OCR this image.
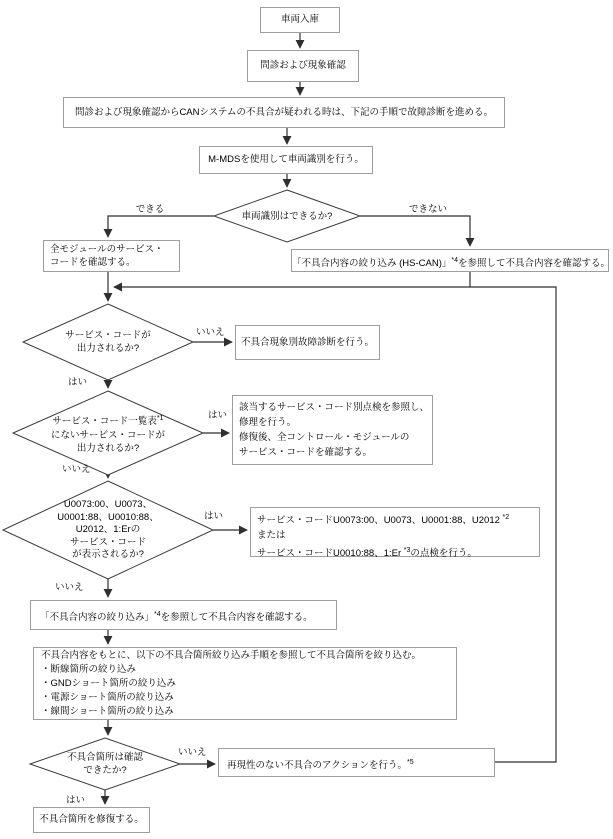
車両入庫
問診および現象確認
問診および現象確認からCANシステムの不具合が疑われる時は、下記の手順で故障診断を進める。
M-MDSを使用して車両識別を行う。
車両識別はできるか?
できる	できない
全モジュールのサービス・
コードを確認する。	「不具合内容の絞り込み (HS-CAN)」$^{*4}$を参照して不具合内容を確認する。
サービス・コードが
出力されるか?
いいえ
はい
不具合現象別故障診断を行う。
サービス・コード一覧表$^{*1}$
にないサービス・コードが
出力されるか?
はい
いいえ
該当するサービス・コード別点検を参照し、
修理を行う。
修復後、全コントロール・モジュールの
サービス・コードを確認する。
U0073:00、U0073、
U0001:88、U0010:88、
U2012、1:Erの
サービス・コード
が表示されるか?
はい
いいえ
サービス・コードU0073:00、U0073、U0001:88、U2012 $^{*2}$
または
サービス・コードU0010:88、1:Er $^{*3}$の点検を行う。
「不具合内容の絞り込み」$^{*4}$を参照して不具合内容を確認する。
不具合内容をもとに、以下の不具合箇所絞り込み手順を参照して不具合箇所を絞り込む。
・断線箇所の絞り込み
・GNDショート箇所の絞り込み
・電源ショート箇所の絞り込み
・線間ショート箇所の絞り込み
不具合箇所は確認
できたか?
いいえ
はい
再現性のない不具合のアクションを行う。$^{*5}$
不具合箇所を修復する。
